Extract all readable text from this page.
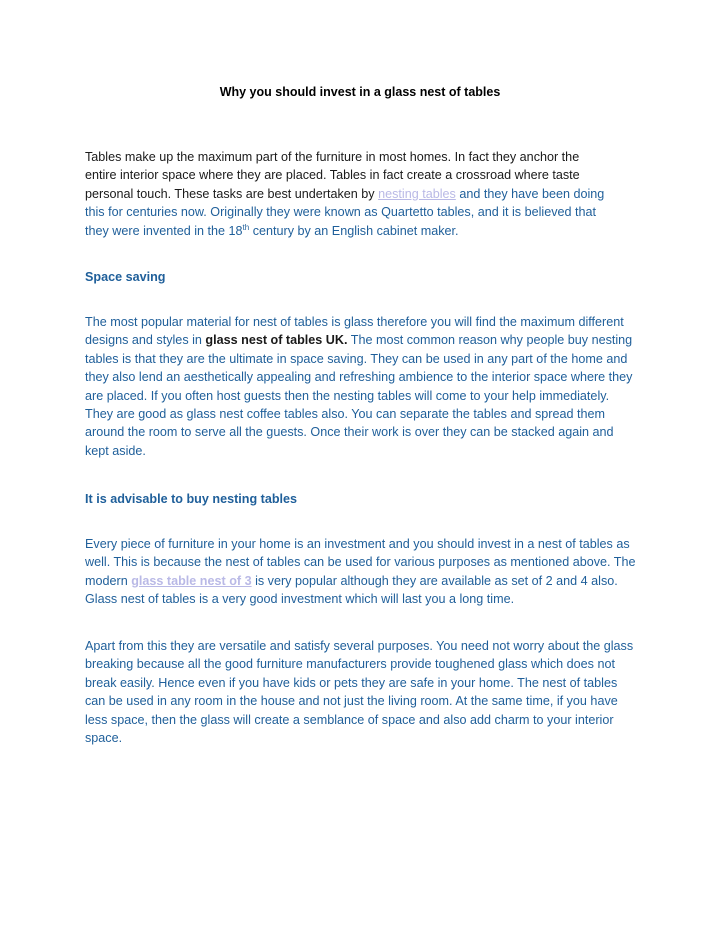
Why you should invest in a glass nest of tables
Tables make up the maximum part of the furniture in most homes. In fact they anchor the
entire interior space where they are placed. Tables in fact create a crossroad where taste
personal touch. These tasks are best undertaken by nesting tables and they have been doing
this for centuries now. Originally they were known as Quartetto tables, and it is believed that
they were invented in the 18th century by an English cabinet maker.
Space saving

The most popular material for nest of tables is glass therefore you will find the maximum different designs and styles in glass nest of tables UK. The most common reason why people buy nesting tables is that they are the ultimate in space saving. They can be used in any part of the home and they also lend an aesthetically appealing and refreshing ambience to the interior space where they are placed. If you often host guests then the nesting tables will come to your help immediately. They are good as glass nest coffee tables also. You can separate the tables and spread them around the room to serve all the guests. Once their work is over they can be stacked again and kept aside.

It is advisable to buy nesting tables

Every piece of furniture in your home is an investment and you should invest in a nest of tables as well. This is because the nest of tables can be used for various purposes as mentioned above. The modern glass table nest of 3 is very popular although they are available as set of 2 and 4 also. Glass nest of tables is a very good investment which will last you a long time.

Apart from this they are versatile and satisfy several purposes. You need not worry about the glass breaking because all the good furniture manufacturers provide toughened glass which does not break easily. Hence even if you have kids or pets they are safe in your home. The nest of tables can be used in any room in the house and not just the living room. At the same time, if you have less space, then the glass will create a semblance of space and also add charm to your interior space.
